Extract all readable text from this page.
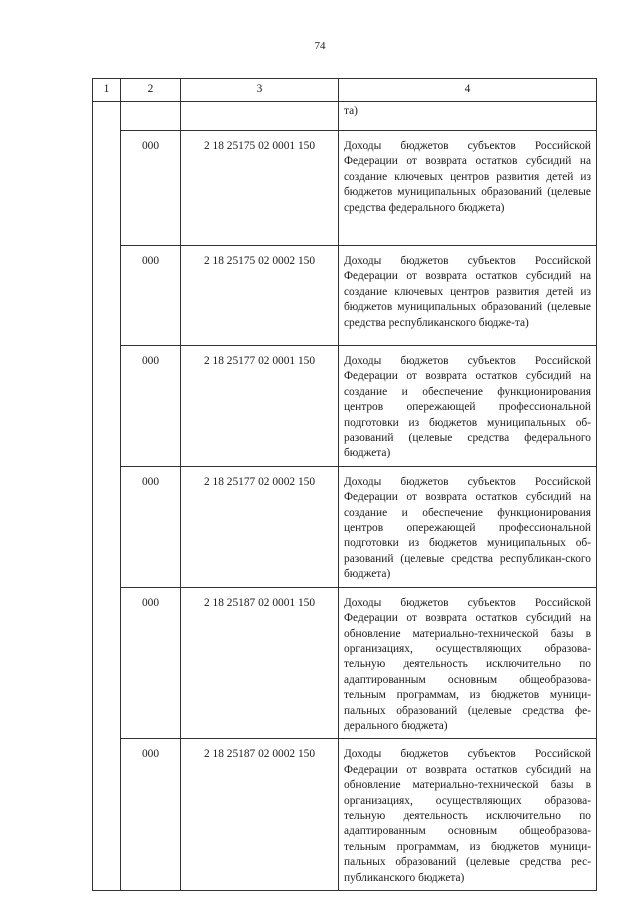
74
1	2	3	4
			та)
	000	2 18 25175 02 0001 150	Доходы бюджетов субъектов Российской Федерации от возврата остатков субсидий на создание ключевых центров развития детей из бюджетов муниципальных образований (целевые средства федерального бюджета)
	000	2 18 25175 02 0002 150	Доходы бюджетов субъектов Российской Федерации от возврата остатков субсидий на создание ключевых центров развития детей из бюджетов муниципальных образований (целевые средства республиканского бюдже-та)
	000	2 18 25177 02 0001 150	Доходы бюджетов субъектов Российской Федерации от возврата остатков субсидий на создание и обеспечение функционирования центров опережающей профессиональной подготовки из бюджетов муниципальных об-разований (целевые средства федерального бюджета)
	000	2 18 25177 02 0002 150	Доходы бюджетов субъектов Российской Федерации от возврата остатков субсидий на создание и обеспечение функционирования центров опережающей профессиональной подготовки из бюджетов муниципальных об-разований (целевые средства республикан-ского бюджета)
	000	2 18 25187 02 0001 150	Доходы бюджетов субъектов Российской Федерации от возврата остатков субсидий на обновление материально-технической базы в организациях, осуществляющих образова-тельную деятельность исключительно по адаптированным основным общеобразова-тельным программам, из бюджетов муници-пальных образований (целевые средства фе-дерального бюджета)
	000	2 18 25187 02 0002 150	Доходы бюджетов субъектов Российской Федерации от возврата остатков субсидий на обновление материально-технической базы в организациях, осуществляющих образова-тельную деятельность исключительно по адаптированным основным общеобразова-тельным программам, из бюджетов муници-пальных образований (целевые средства рес-публиканского бюджета)
